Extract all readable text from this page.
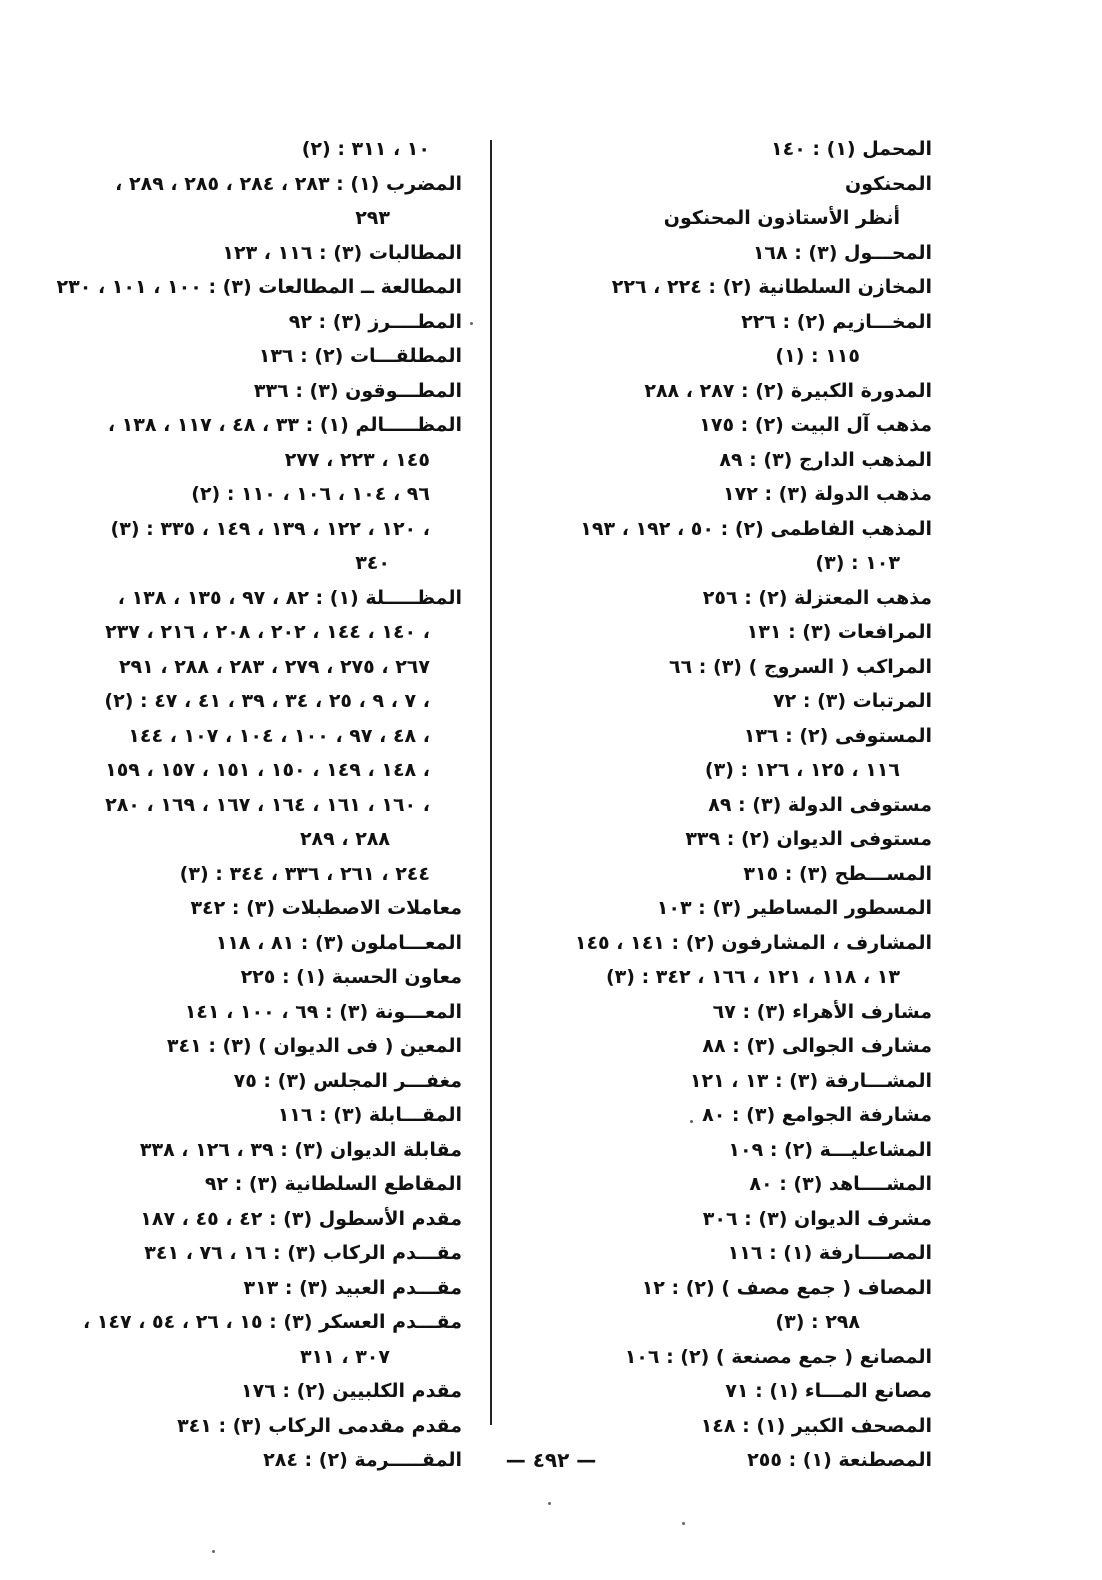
المحمل (١) : ١٤٠
المحنكون
أنظر الأستاذون المحنكون
المحـــول (٣) : ١٦٨
المخازن السلطانية (٢) : ٢٢٤ ، ٢٢٦
المخـــازيم (٢) : ٢٢٦
(١) : ١١٥
المدورة الكبيرة (٢) : ٢٨٧ ، ٢٨٨
مذهب آل البيت (٢) : ١٧٥
المذهب الدارج (٣) : ٨٩
مذهب الدولة (٣) : ١٧٢
المذهب الفاطمى (٢) : ٥٠ ، ١٩٢ ، ١٩٣
(٣) : ١٠٣
مذهب المعتزلة (٢) : ٢٥٦
المرافعات (٣) : ١٣١
المراكب ( السروج ) (٣) : ٦٦
المرتبات (٣) : ٧٢
المستوفى (٢) : ١٣٦
(٣) : ١١٦ ، ١٢٥ ، ١٢٦
مستوفى الدولة (٣) : ٨٩
مستوفى الديوان (٢) : ٣٣٩
المســـطح (٣) : ٣١٥
المسطور المساطير (٣) : ١٠٣
المشارف ، المشارفون (٢) : ١٤١ ، ١٤٥
(٣) : ١٣ ، ١١٨ ، ١٢١ ، ١٦٦ ، ٣٤٢
مشارف الأهراء (٣) : ٦٧
مشارف الجوالى (٣) : ٨٨
المشـــارفة (٣) : ١٣ ، ١٢١
مشارفة الجوامع (٣) : ٨٠
المشاعليـــة (٢) : ١٠٩
المشــــاهد (٣) : ٨٠
مشرف الديوان (٣) : ٣٠٦
المصــــارفة (١) : ١١٦
المصاف ( جمع مصف ) (٢) : ١٢
(٣) : ٢٩٨
المصانع ( جمع مصنعة ) (٢) : ١٠٦
مصانع المـــاء (١) : ٧١
المصحف الكبير (١) : ١٤٨
المصطنعة (١) : ٢٥٥
(٢) : ١٠ ، ٣١١
المضرب (١) : ٢٨٣ ، ٢٨٤ ، ٢٨٥ ، ٢٨٩ ،
٢٩٣
المطالبات (٣) : ١١٦ ، ١٢٣
المطالعة ــ المطالعات (٣) : ١٠٠ ، ١٠١ ، ٢٣٠
المطــــرز (٣) : ٩٢
المطلقـــات (٢) : ١٣٦
المطـــوقون (٣) : ٣٣٦
المظـــــالم (١) : ٣٣ ، ٤٨ ، ١١٧ ، ١٣٨ ،
١٤٥ ، ٢٢٣ ، ٢٧٧
(٢) : ٩٦ ، ١٠٤ ، ١٠٦ ، ١١٠
(٣) : ١٢٠ ، ١٢٢ ، ١٣٩ ، ١٤٩ ، ٣٣٥ ،
٣٤٠
المظـــــلة (١) : ٨٢ ، ٩٧ ، ١٣٥ ، ١٣٨ ،
١٤٠ ، ١٤٤ ، ٢٠٢ ، ٢٠٨ ، ٢١٦ ، ٢٣٧ ،
٢٦٧ ، ٢٧٥ ، ٢٧٩ ، ٢٨٣ ، ٢٨٨ ، ٢٩١
(٢) : ٧ ، ٩ ، ٢٥ ، ٣٤ ، ٣٩ ، ٤١ ، ٤٧ ،
٤٨ ، ٩٧ ، ١٠٠ ، ١٠٤ ، ١٠٧ ، ١٤٤ ،
١٤٨ ، ١٤٩ ، ١٥٠ ، ١٥١ ، ١٥٧ ، ١٥٩ ،
١٦٠ ، ١٦١ ، ١٦٤ ، ١٦٧ ، ١٦٩ ، ٢٨٠ ،
٢٨٨ ، ٢٨٩
(٣) : ٢٤٤ ، ٢٦١ ، ٣٣٦ ، ٣٤٤
معاملات الاصطبلات (٣) : ٣٤٢
المعـــاملون (٣) : ٨١ ، ١١٨
معاون الحسبة (١) : ٢٢٥
المعـــونة (٣) : ٦٩ ، ١٠٠ ، ١٤١
المعين ( فى الديوان ) (٣) : ٣٤١
مغفـــر المجلس (٣) : ٧٥
المقـــابلة (٣) : ١١٦
مقابلة الديوان (٣) : ٣٩ ، ١٢٦ ، ٣٣٨
المقاطع السلطانية (٣) : ٩٢
مقدم الأسطول (٣) : ٤٢ ، ٤٥ ، ١٨٧
مقـــدم الركاب (٣) : ١٦ ، ٧٦ ، ٣٤١
مقـــدم العبيد (٣) : ٣١٣
مقـــدم العسكر (٣) : ١٥ ، ٢٦ ، ٥٤ ، ١٤٧ ،
٣٠٧ ، ٣١١
مقدم الكلبيين (٢) : ١٧٦
مقدم مقدمى الركاب (٣) : ٣٤١
المقـــــرمة (٢) : ٢٨٤	— ٤٩٢ —
